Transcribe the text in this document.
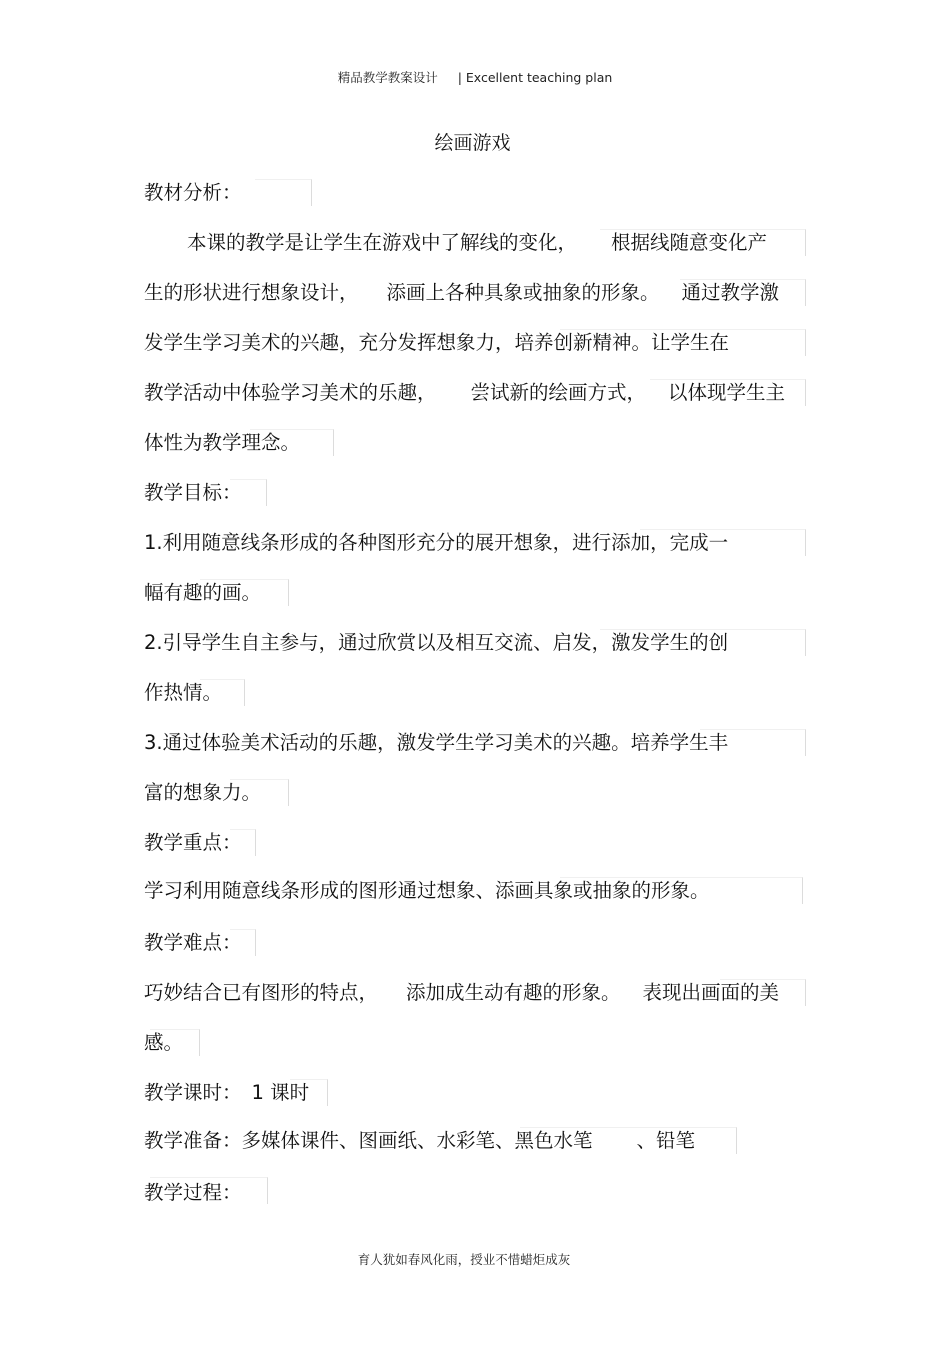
精品教学教案设计 | Excellent teaching plan
绘画游戏
教材分析：
本课的教学是让学生在游戏中了解线的变化， 根据线随意变化产
生的形状进行想象设计， 添画上各种具象或抽象的形象。 通过教学激
发学生学习美术的兴趣，充分发挥想象力，培养创新精神。让学生在
教学活动中体验学习美术的乐趣， 尝试新的绘画方式， 以体现学生主
体性为教学理念。
教学目标：
1.利用随意线条形成的各种图形充分的展开想象，进行添加，完成一
幅有趣的画。
2.引导学生自主参与，通过欣赏以及相互交流、启发，激发学生的创
作热情。
3.通过体验美术活动的乐趣，激发学生学习美术的兴趣。培养学生丰
富的想象力。
教学重点：
学习利用随意线条形成的图形通过想象、添画具象或抽象的形象。
教学难点：
巧妙结合已有图形的特点， 添加成生动有趣的形象。 表现出画面的美
感。
教学课时： 1 课时
教学准备：多媒体课件、图画纸、水彩笔、黑色水笔 、铅笔
教学过程：
育人犹如春风化雨，授业不惜蜡炬成灰
